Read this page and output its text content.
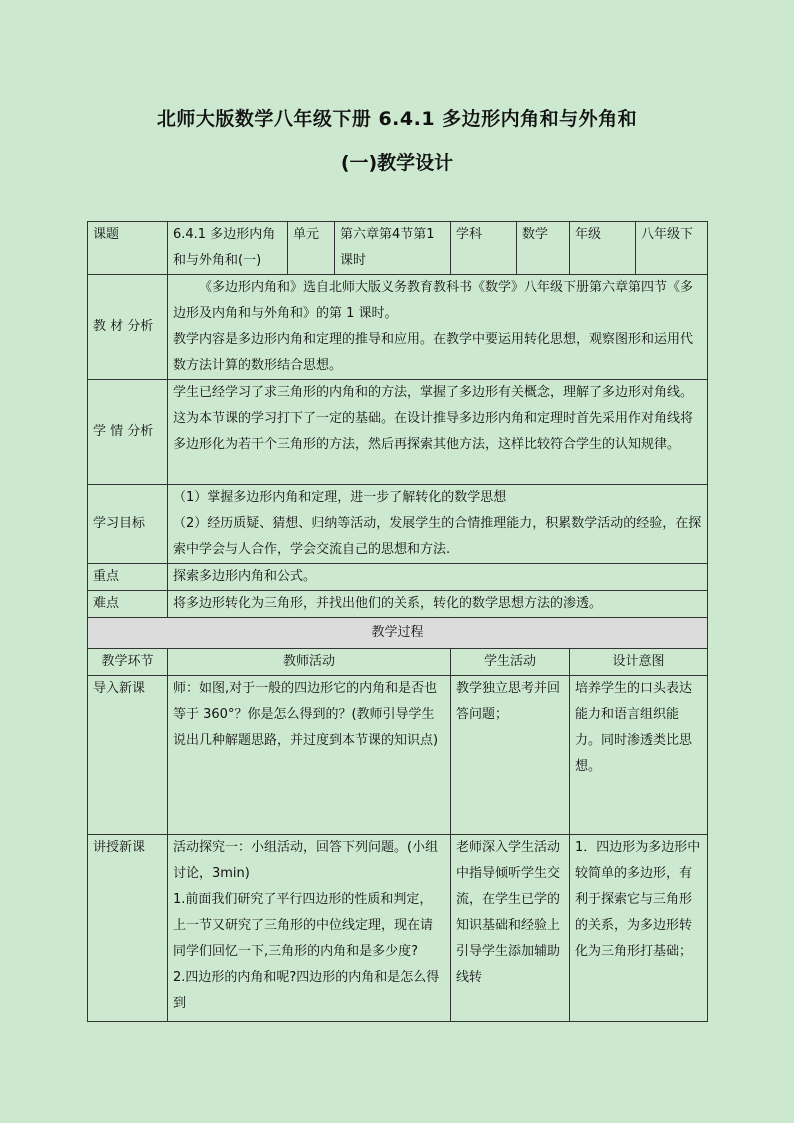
北师大版数学八年级下册 6.4.1 多边形内角和与外角和
(一)教学设计
课题	6.4.1 多边形内角和与外角和(一)	单元	第六章第4节第1课时	学科	数学	年级	八年级下
教 材 分析	《多边形内角和》选自北师大版义务教育教科书《数学》八年级下册第六章第四节《多边形及内角和与外角和》的第 1 课时。

教学内容是多边形内角和定理的推导和应用。在教学中要运用转化思想，观察图形和运用代数方法计算的数形结合思想。						

学 情 分析	学生已经学习了求三角形的内角和的方法，掌握了多边形有关概念，理解了多边形对角线。这为本节课的学习打下了一定的基础。在设计推导多边形内角和定理时首先采用作对角线将多边形化为若干个三角形的方法，然后再探索其他方法，这样比较符合学生的认知规律。						
学习目标	（1）掌握多边形内角和定理，进一步了解转化的数学思想

（2）经历质疑、猜想、归纳等活动，发展学生的合情推理能力，积累数学活动的经验，在探索中学会与人合作，学会交流自己的思想和方法.						

重点	探索多边形内角和公式。						
难点	将多边形转化为三角形，并找出他们的关系，转化的数学思想方法的渗透。						
教学过程							
教学环节	教师活动			学生活动		设计意图	
导入新课	师：如图,对于一般的四边形它的内角和是否也等于 360°？你是怎么得到的？(教师引导学生说出几种解题思路，并过度到本节课的知识点)			教学独立思考并回答问题；		培养学生的口头表达能力和语言组织能力。同时渗透类比思想。	
讲授新课	活动探究一：小组活动，回答下列问题。(小组讨论，3min)

1.前面我们研究了平行四边形的性质和判定，上一节又研究了三角形的中位线定理，现在请同学们回忆一下,三角形的内角和是多少度?

2.四边形的内角和呢?四边形的内角和是怎么得到			老师深入学生活动中指导倾听学生交流，在学生已学的知识基础和经验上引导学生添加辅助线转		1．四边形为多边形中较简单的多边形，有利于探索它与三角形的关系，为多边形转化为三角形打基础；	
